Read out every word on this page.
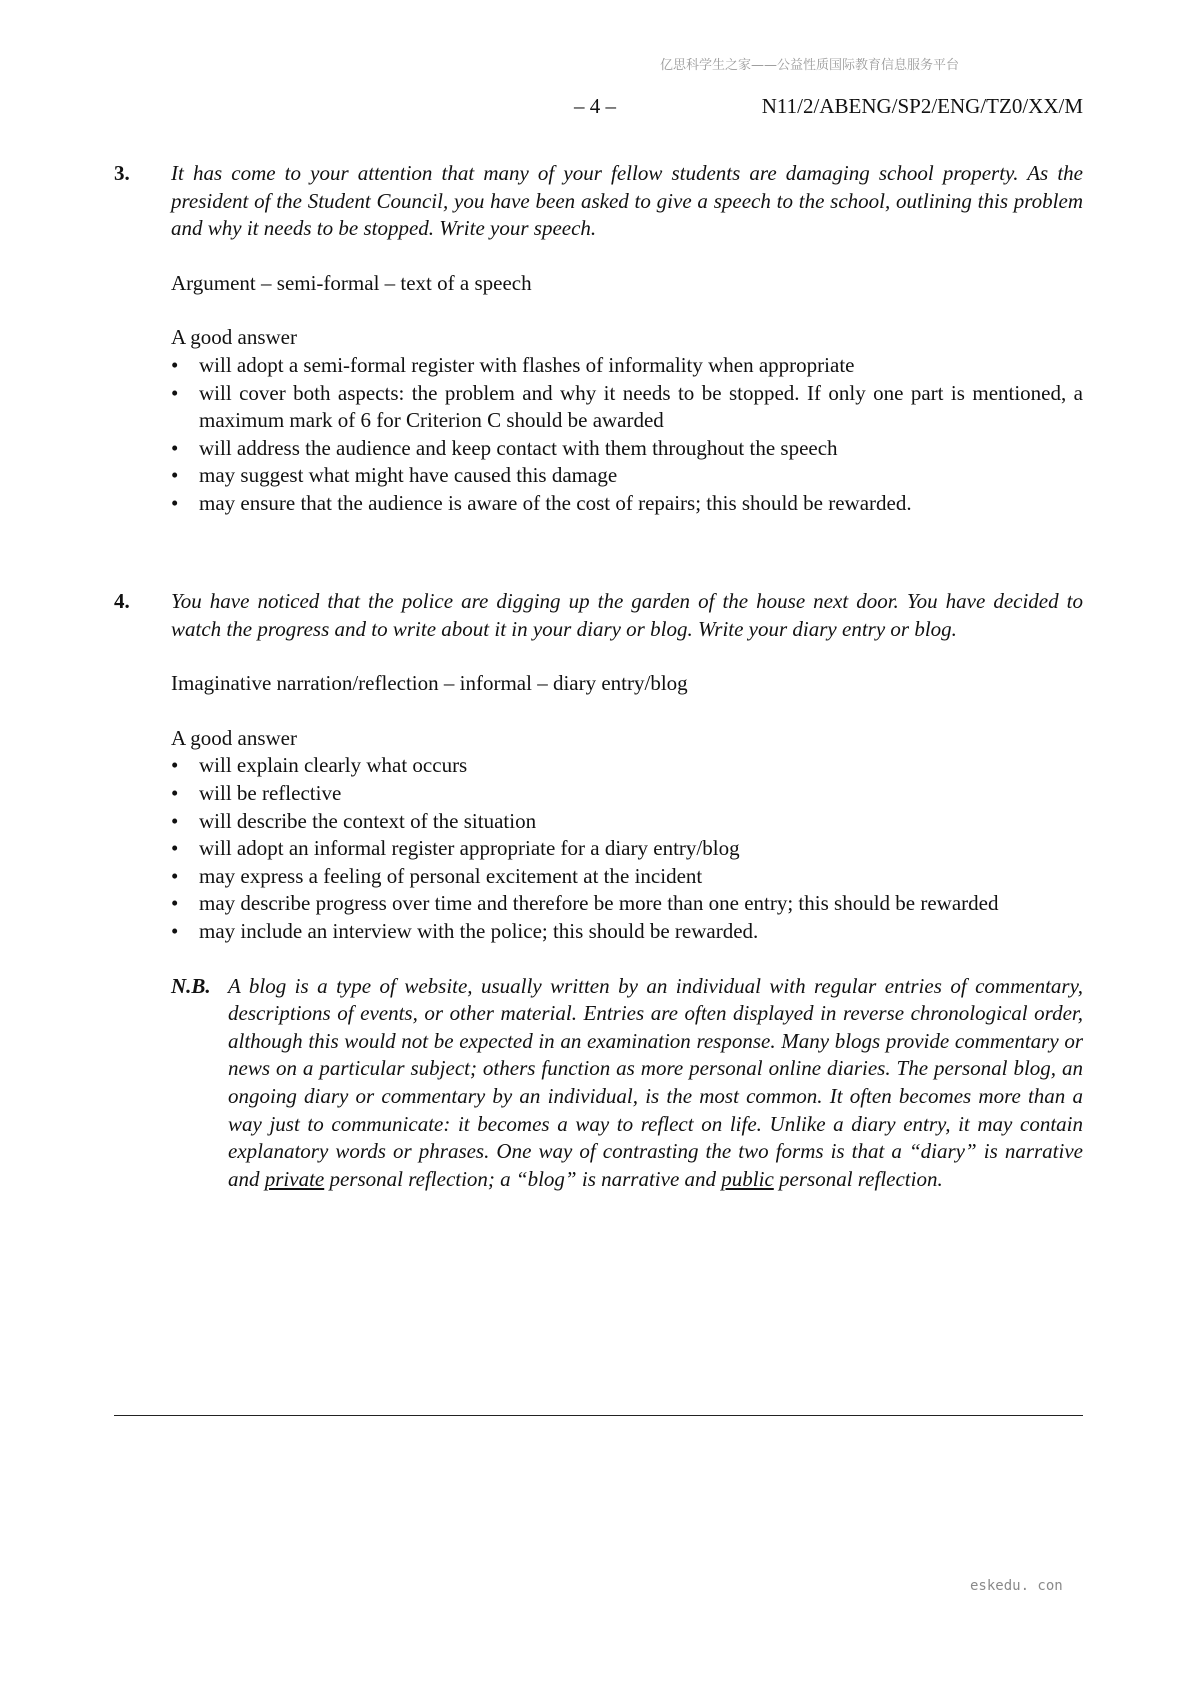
亿思科学生之家——公益性质国际教育信息服务平台
– 4 –	N11/2/ABENG/SP2/ENG/TZ0/XX/M
3. It has come to your attention that many of your fellow students are damaging school property. As the president of the Student Council, you have been asked to give a speech to the school, outlining this problem and why it needs to be stopped. Write your speech.

Argument – semi-formal – text of a speech

A good answer

• will adopt a semi-formal register with flashes of informality when appropriate
• will cover both aspects: the problem and why it needs to be stopped. If only one part is mentioned, a maximum mark of 6 for Criterion C should be awarded
• will address the audience and keep contact with them throughout the speech
• may suggest what might have caused this damage
• may ensure that the audience is aware of the cost of repairs; this should be rewarded.
4. You have noticed that the police are digging up the garden of the house next door. You have decided to watch the progress and to write about it in your diary or blog. Write your diary entry or blog.

Imaginative narration/reflection – informal – diary entry/blog

A good answer

• will explain clearly what occurs
• will be reflective
• will describe the context of the situation
• will adopt an informal register appropriate for a diary entry/blog
• may express a feeling of personal excitement at the incident
• may describe progress over time and therefore be more than one entry; this should be rewarded
• may include an interview with the police; this should be rewarded.
N.B. A blog is a type of website, usually written by an individual with regular entries of commentary, descriptions of events, or other material. Entries are often displayed in reverse chronological order, although this would not be expected in an examination response. Many blogs provide commentary or news on a particular subject; others function as more personal online diaries. The personal blog, an ongoing diary or commentary by an individual, is the most common. It often becomes more than a way just to communicate: it becomes a way to reflect on life. Unlike a diary entry, it may contain explanatory words or phrases. One way of contrasting the two forms is that a “diary” is narrative and private personal reflection; a “blog” is narrative and public personal reflection.
eskedu. con
